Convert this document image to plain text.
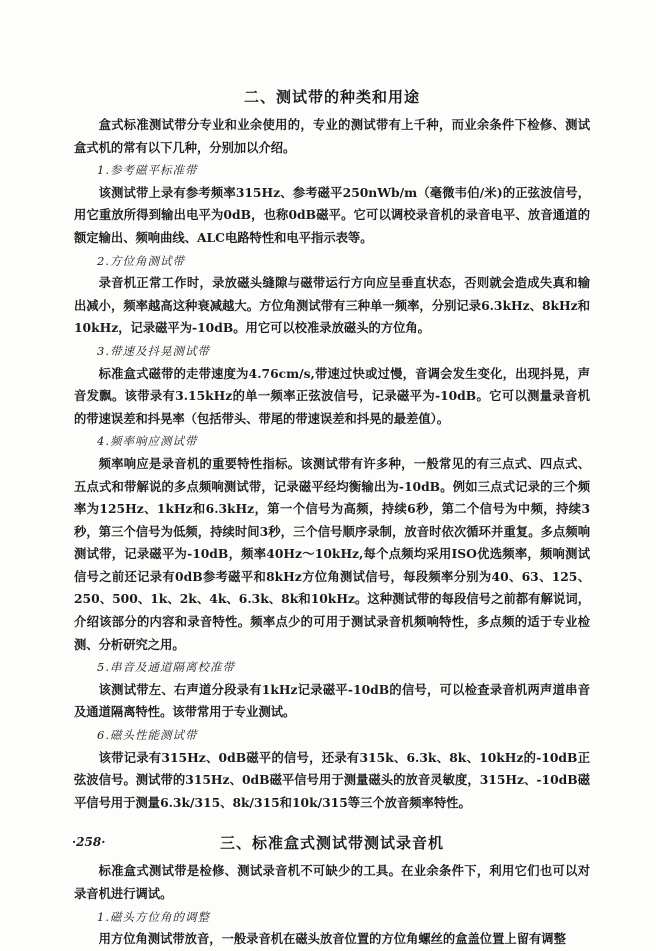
二、测试带的种类和用途

盒式标准测试带分专业和业余使用的，专业的测试带有上千种，而业余条件下检修、测试盒式机的常有以下几种，分别加以介绍。

1.参考磁平标准带

该测试带上录有参考频率315Hz、参考磁平250nWb/m（毫微韦伯/米)的正弦波信号，用它重放所得到输出电平为0dB，也称0dB磁平。它可以调校录音机的录音电平、放音通道的额定输出、频响曲线、ALC电路特性和电平指示表等。

2.方位角测试带

录音机正常工作时，录放磁头缝隙与磁带运行方向应呈垂直状态，否则就会造成失真和输出减小，频率越高这种衰减越大。方位角测试带有三种单一频率，分别记录6.3kHz、8kHz和10kHz，记录磁平为-10dB。用它可以校准录放磁头的方位角。

3.带速及抖晃测试带

标准盒式磁带的走带速度为4.76cm/s,带速过快或过慢，音调会发生变化，出现抖晃，声音发飘。该带录有3.15kHz的单一频率正弦波信号，记录磁平为-10dB。它可以测量录音机的带速误差和抖晃率（包括带头、带尾的带速误差和抖晃的最差值）。

4.频率响应测试带

频率响应是录音机的重要特性指标。该测试带有许多种，一般常见的有三点式、四点式、五点式和带解说的多点频响测试带，记录磁平经均衡输出为-10dB。例如三点式记录的三个频率为125Hz、1kHz和6.3kHz，第一个信号为高频，持续6秒，第二个信号为中频，持续3秒，第三个信号为低频，持续时间3秒，三个信号顺序录制，放音时依次循环并重复。多点频响测试带，记录磁平为-10dB，频率40Hz～10kHz,每个点频均采用ISO优选频率，频响测试信号之前还记录有0dB参考磁平和8kHz方位角测试信号，每段频率分别为40、63、125、250、500、1k、2k、4k、6.3k、8k和10kHz。这种测试带的每段信号之前都有解说词，介绍该部分的内容和录音特性。频率点少的可用于测试录音机频响特性，多点频的适于专业检测、分析研究之用。

5.串音及通道隔离校准带

该测试带左、右声道分段录有1kHz记录磁平-10dB的信号，可以检查录音机两声道串音及通道隔离特性。该带常用于专业测试。

6.磁头性能测试带

该带记录有315Hz、0dB磁平的信号，还录有315k、6.3k、8k、10kHz的-10dB正弦波信号。测试带的315Hz、0dB磁平信号用于测量磁头的放音灵敏度，315Hz、-10dB磁平信号用于测量6.3k/315、8k/315和10k/315等三个放音频率特性。

三、标准盒式测试带测试录音机

标准盒式测试带是检修、测试录音机不可缺少的工具。在业余条件下，利用它们也可以对录音机进行调试。

1.磁头方位角的调整

用方位角测试带放音，一般录音机在磁头放音位置的方位角螺丝的盒盖位置上留有调整

·258·
